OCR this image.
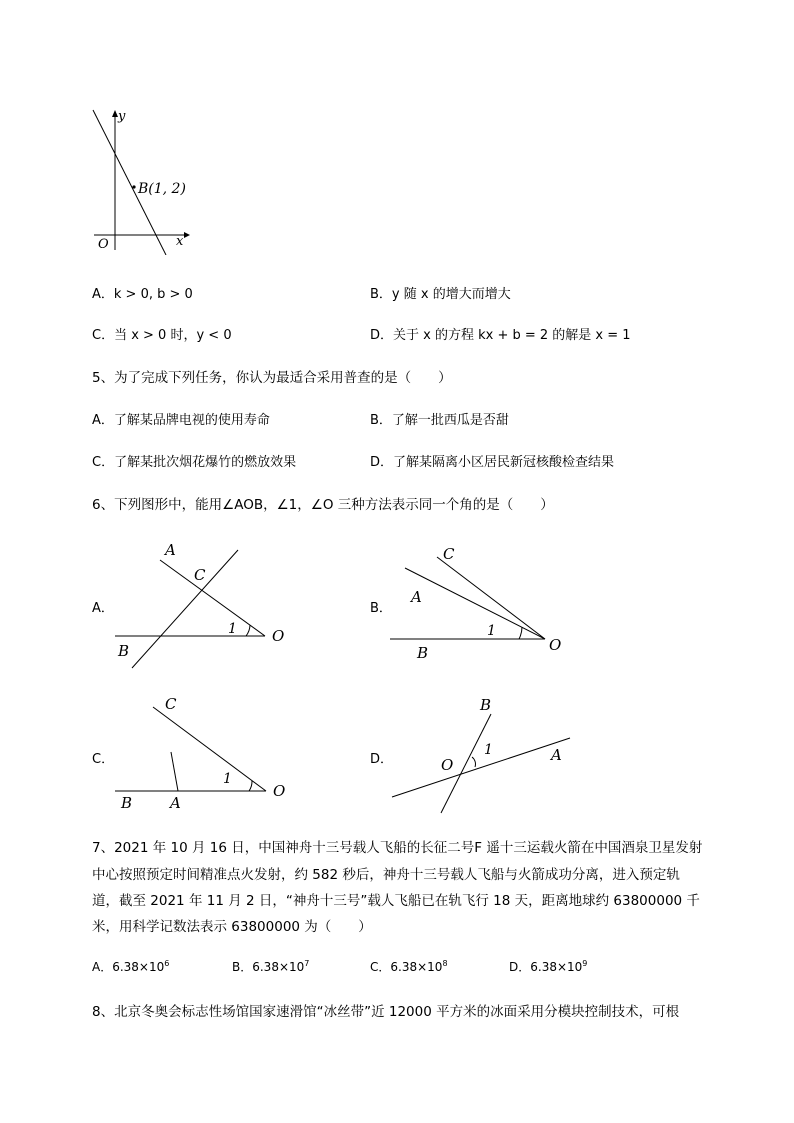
y
x
O
B(1, 2)
A．k > 0, b > 0	B．y 随 x 的增大而增大
C．当 x > 0 时，y < 0	D．关于 x 的方程 kx + b = 2 的解是 x = 1
5、为了完成下列任务，你认为最适合采用普查的是（　　）
A．了解某品牌电视的使用寿命	B．了解一批西瓜是否甜
C．了解某批次烟花爆竹的燃放效果	D．了解某隔离小区居民新冠核酸检查结果
6、下列图形中，能用∠AOB，∠1，∠O 三种方法表示同一个角的是（　　）
A．
A
C
1 O
B
B．
C
A
1
O
B
C．
C
1
O
B	A
D．
B
1	A
O
7、2021 年 10 月 16 日，中国神舟十三号载人飞船的长征二号F 遥十三运载火箭在中国酒泉卫星发射
中心按照预定时间精准点火发射，约 582 秒后，神舟十三号载人飞船与火箭成功分离，进入预定轨
道，截至 2021 年 11 月 2 日，“神舟十三号”载人飞船已在轨飞行 18 天，距离地球约 63800000 千
米，用科学记数法表示 63800000 为（　　）
A．$6.38\times 10^6$	B．$6.38\times 10^7$	C．$6.38\times 10^8$	D．$6.38\times 10^9$
8、北京冬奥会标志性场馆国家速滑馆“冰丝带”近 12000 平方米的冰面采用分模块控制技术，可根
